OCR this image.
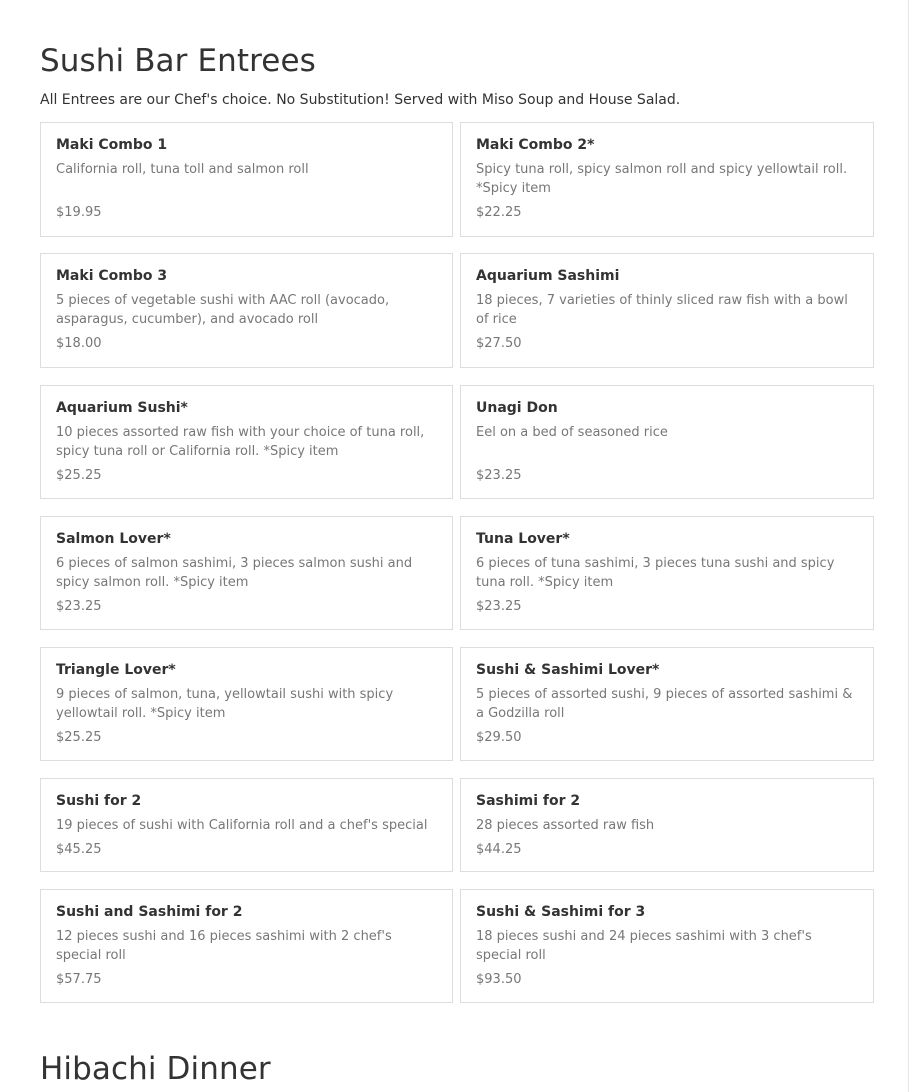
Sushi Bar Entrees
All Entrees are our Chef's choice. No Substitution! Served with Miso Soup and House Salad.
Maki Combo 1
California roll, tuna toll and salmon roll
$19.95
Maki Combo 2*
Spicy tuna roll, spicy salmon roll and spicy yellowtail roll. *Spicy item
$22.25
Maki Combo 3
5 pieces of vegetable sushi with AAC roll (avocado, asparagus, cucumber), and avocado roll
$18.00
Aquarium Sashimi
18 pieces, 7 varieties of thinly sliced raw fish with a bowl of rice
$27.50
Aquarium Sushi*
10 pieces assorted raw fish with your choice of tuna roll, spicy tuna roll or California roll. *Spicy item
$25.25
Unagi Don
Eel on a bed of seasoned rice
$23.25
Salmon Lover*
6 pieces of salmon sashimi, 3 pieces salmon sushi and spicy salmon roll. *Spicy item
$23.25
Tuna Lover*
6 pieces of tuna sashimi, 3 pieces tuna sushi and spicy tuna roll. *Spicy item
$23.25
Triangle Lover*
9 pieces of salmon, tuna, yellowtail sushi with spicy yellowtail roll. *Spicy item
$25.25
Sushi & Sashimi Lover*
5 pieces of assorted sushi, 9 pieces of assorted sashimi & a Godzilla roll
$29.50
Sushi for 2
19 pieces of sushi with California roll and a chef's special
$45.25
Sashimi for 2
28 pieces assorted raw fish
$44.25
Sushi and Sashimi for 2
12 pieces sushi and 16 pieces sashimi with 2 chef's special roll
$57.75
Sushi & Sashimi for 3
18 pieces sushi and 24 pieces sashimi with 3 chef's special roll
$93.50
Hibachi Dinner
